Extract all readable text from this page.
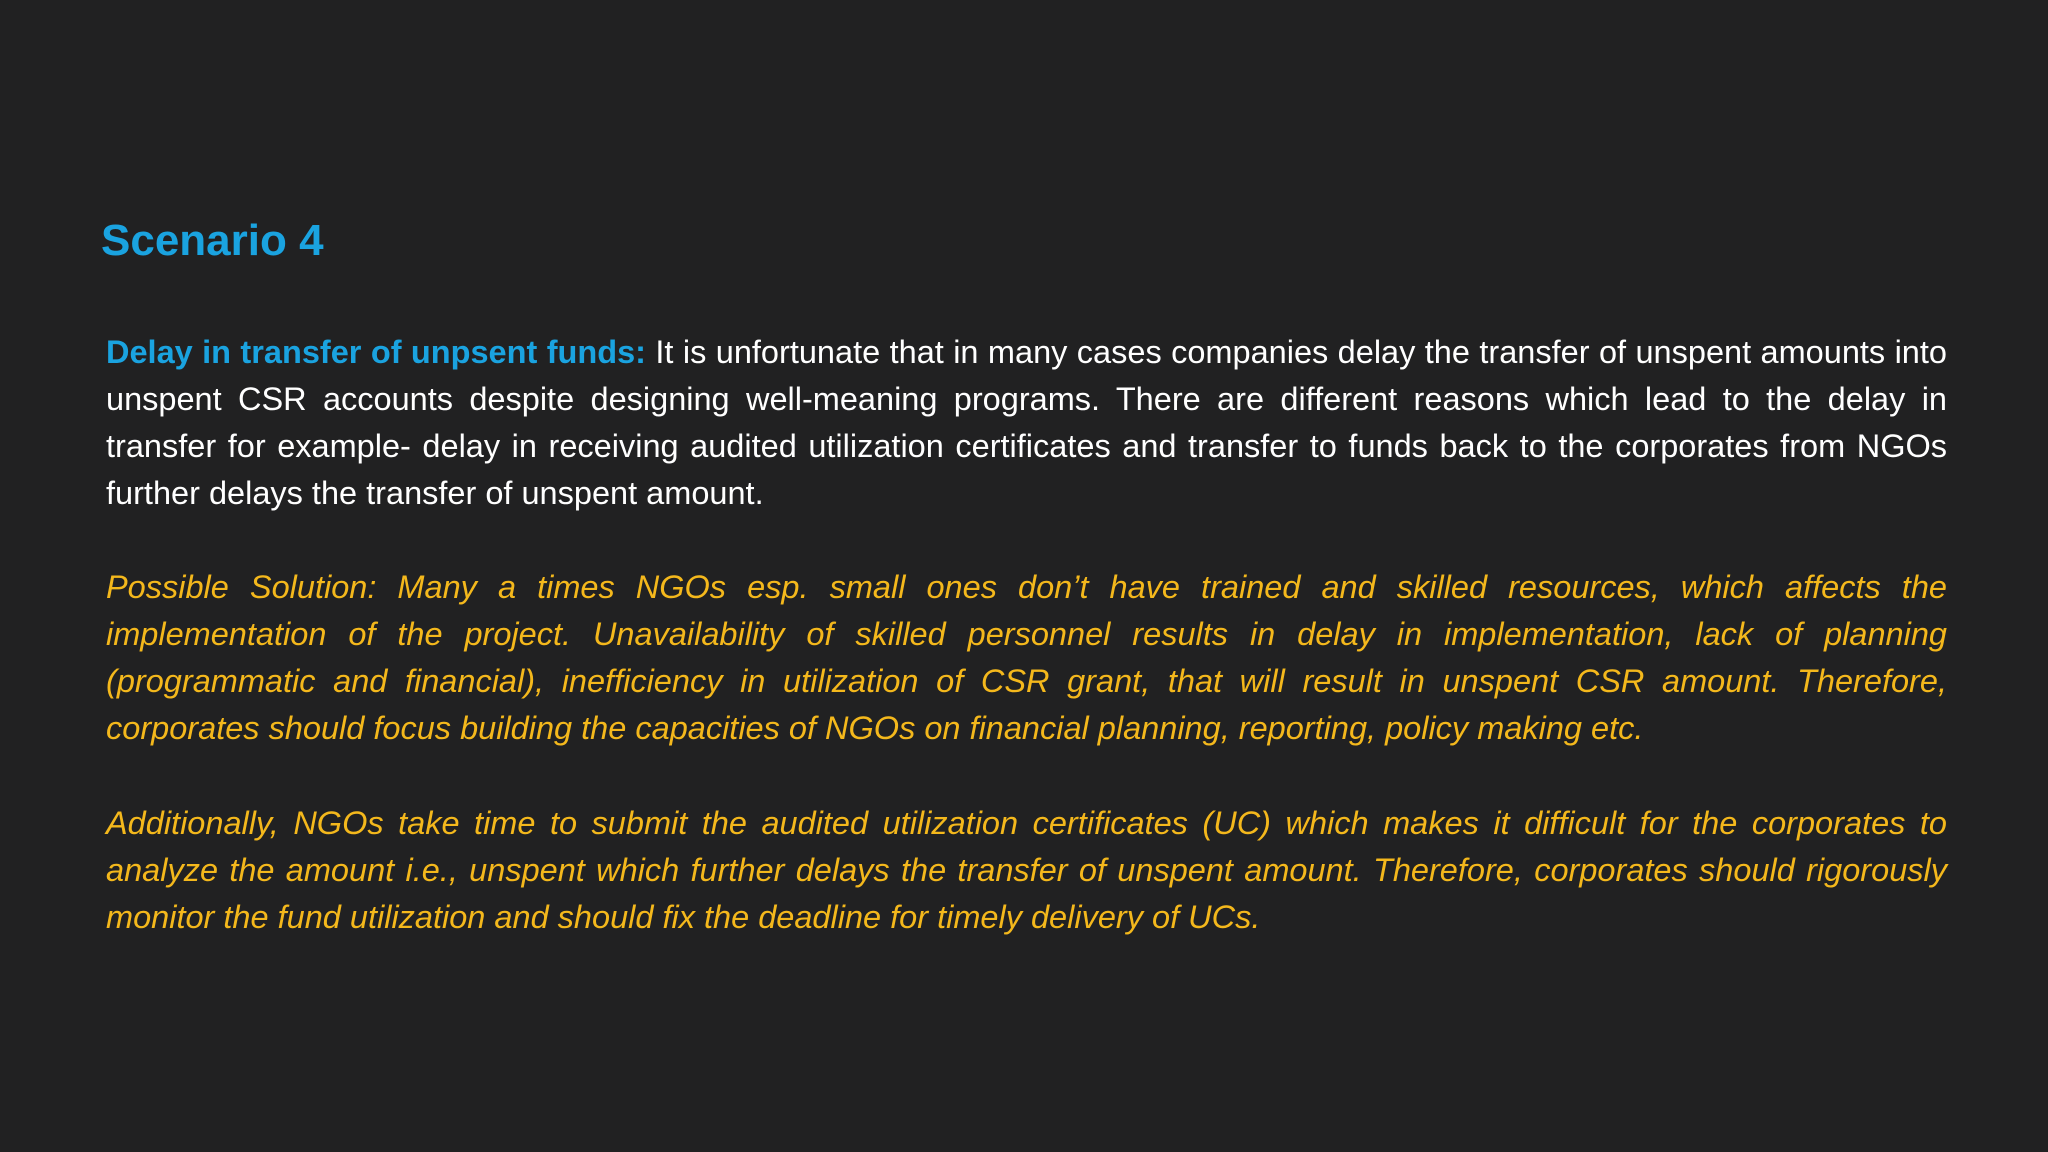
Scenario 4

Delay in transfer of unpsent funds: It is unfortunate that in many cases companies delay the transfer of unspent amounts into unspent CSR accounts despite designing well-meaning programs. There are different reasons which lead to the delay in transfer for example- delay in receiving audited utilization certificates and transfer to funds back to the corporates from NGOs further delays the transfer of unspent amount.

Possible Solution: Many a times NGOs esp. small ones don’t have trained and skilled resources, which affects the implementation of the project. Unavailability of skilled personnel results in delay in implementation, lack of planning (programmatic and financial), inefficiency in utilization of CSR grant, that will result in unspent CSR amount. Therefore, corporates should focus building the capacities of NGOs on financial planning, reporting, policy making etc.

Additionally, NGOs take time to submit the audited utilization certificates (UC) which makes it difficult for the corporates to analyze the amount i.e., unspent which further delays the transfer of unspent amount. Therefore, corporates should rigorously monitor the fund utilization and should fix the deadline for timely delivery of UCs.
